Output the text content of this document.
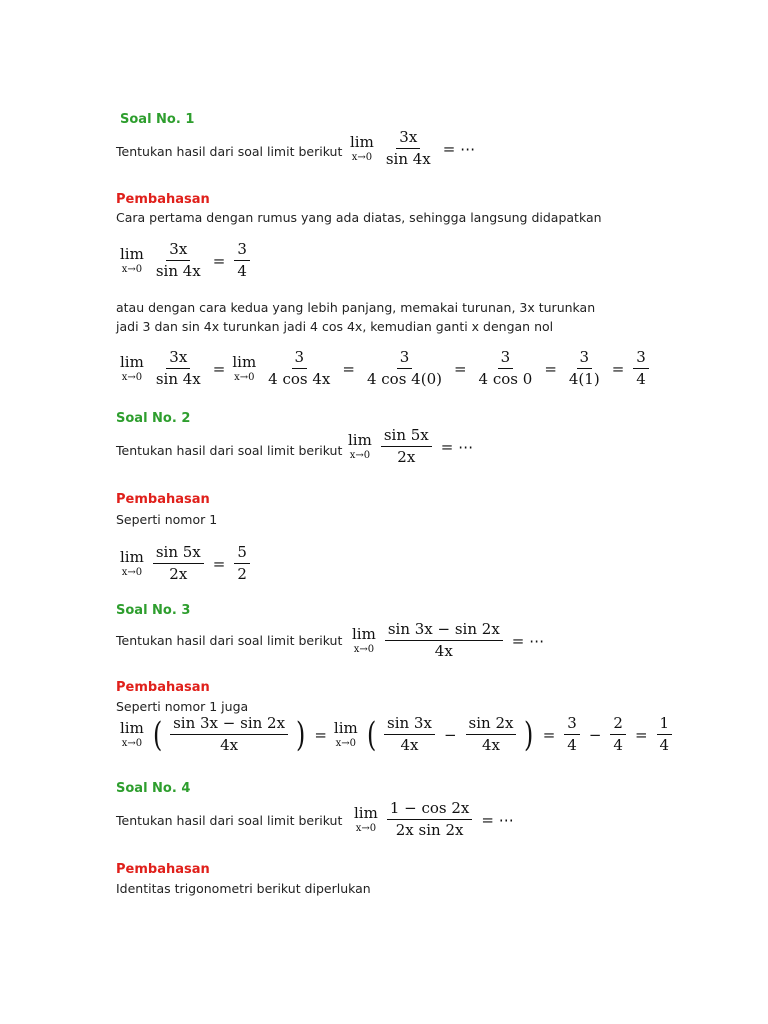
Soal No. 1
Tentukan hasil dari soal limit berikut
lim
$x\to 0 \frac{3x}{\sin 4x}$ = ⋯
Pembahasan
Cara pertama dengan rumus yang ada diatas, sehingga langsung didapatkan
lim
$x\to 0 \frac{3x}{\sin 4x} = \frac{3}{4}$
atau dengan cara kedua yang lebih panjang, memakai turunan, 3x turunkan
jadi 3 dan sin 4x turunkan jadi 4 cos 4x, kemudian ganti x dengan nol
lim
$x\to 0 \frac{3x}{\sin 4x} = \lim$
$x\to 0 \frac{3}{4 \cos 4x} = \frac{3}{4 \cos 4(0)} = \frac{3}{4 \cos 0} = \frac{3}{4(1)} = \frac{3}{4}$
Soal No. 2
Tentukan hasil dari soal limit berikut
lim
$x\to 0 \frac{\sin 5x}{2x}$ = ⋯
Pembahasan
Seperti nomor 1
lim
$x\to 0 \frac{\sin 5x}{2x} = \frac{5}{2}$
Soal No. 3
Tentukan hasil dari soal limit berikut lim
$x\to 0 \frac{\sin 3x - \sin 2x}{4x}$ = ⋯
Pembahasan
Seperti nomor 1 juga
lim
x→0 ( $\frac{\sin 3x - \sin 2x}{4x}$ ) = lim
x→0 ( $\frac{\sin 3x}{4x} - \frac{\sin 2x}{4x}$ ) = $\frac{3}{4} - \frac{2}{4} = \frac{1}{4}$
Soal No. 4
Tentukan hasil dari soal limit berikut lim
$x\to 0 \frac{1 - \cos 2x}{\text{2x sin 2x}}$ = ⋯
Pembahasan
Identitas trigonometri berikut diperlukan
